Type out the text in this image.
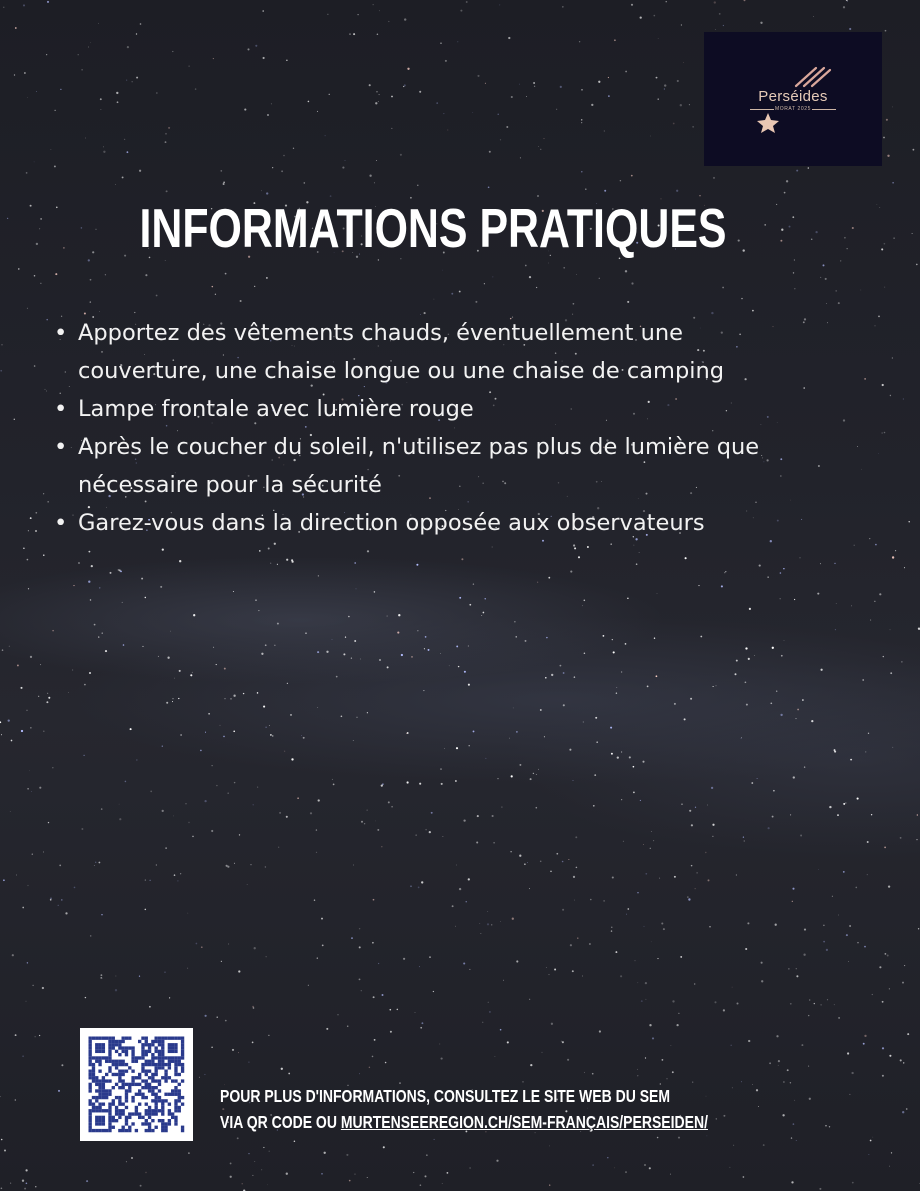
Perséides
MORAT 2025
INFORMATIONS PRATIQUES
• Apportez des vêtements chauds, éventuellement une couverture, une chaise longue ou une chaise de camping
• Lampe frontale avec lumière rouge
• Après le coucher du soleil, n'utilisez pas plus de lumière que nécessaire pour la sécurité
• Garez-vous dans la direction opposée aux observateurs
POUR PLUS D'INFORMATIONS, CONSULTEZ LE SITE WEB DU SEM
VIA QR CODE OU MURTENSEEREGION.CH/SEM-FRANÇAIS/PERSEIDEN/
